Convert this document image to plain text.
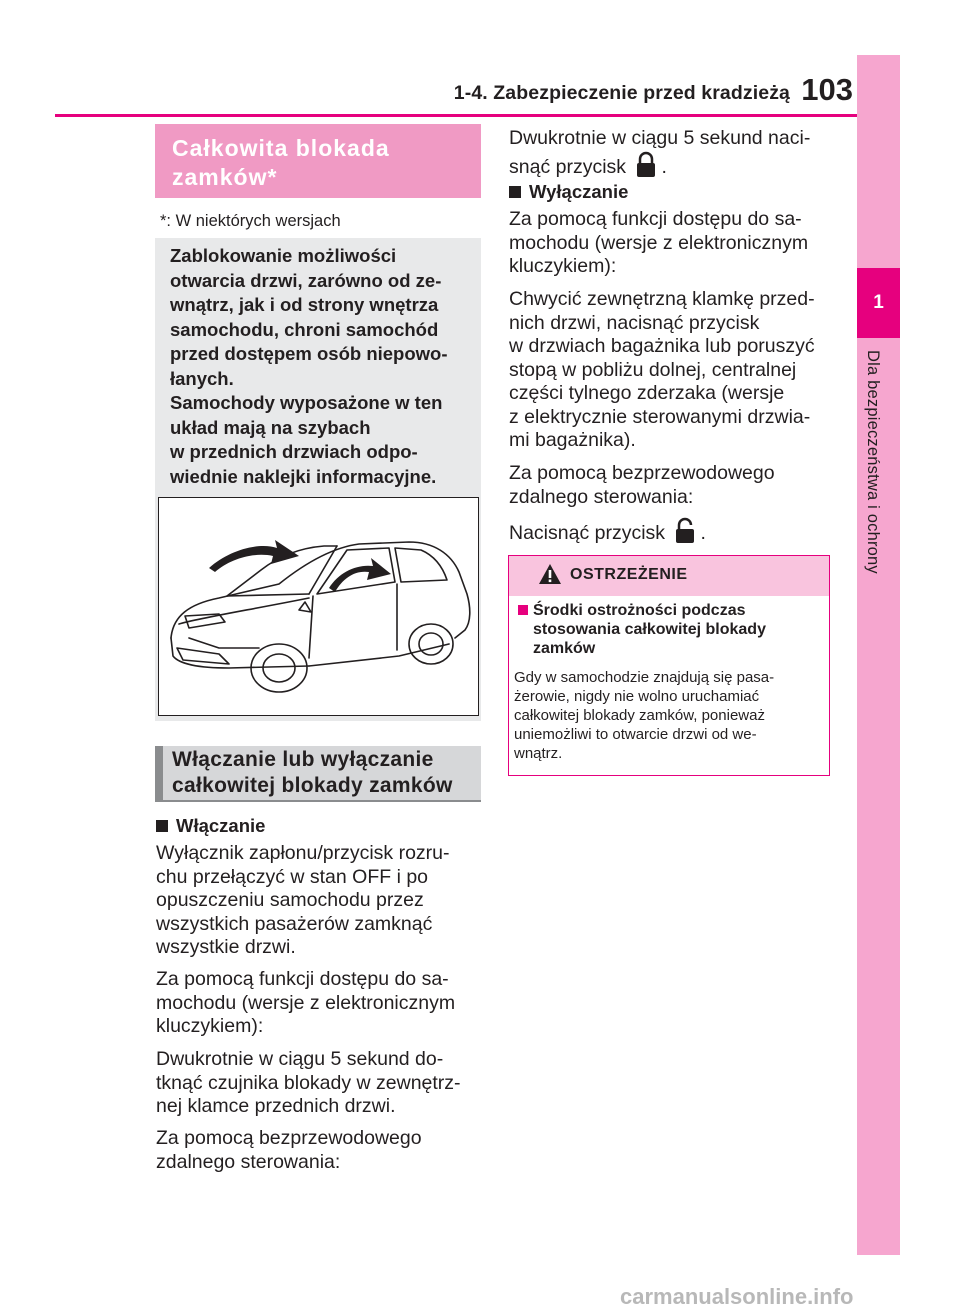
1-4. Zabezpieczenie przed kradzieżą 103
1
Dla bezpieczeństwa i ochrony
Całkowita blokada
zamków*
*: W niektórych wersjach
Zablokowanie możliwości
otwarcia drzwi, zarówno od ze-
wnątrz, jak i od strony wnętrza
samochodu, chroni samochód
przed dostępem osób niepowo-
łanych.
Samochody wyposażone w ten
układ mają na szybach
w przednich drzwiach odpo-
wiednie naklejki informacyjne.
Włączanie lub wyłączanie
całkowitej blokady zamków
Włączanie
Wyłącznik zapłonu/przycisk rozru-
chu przełączyć w stan OFF i po
opuszczeniu samochodu przez
wszystkich pasażerów zamknąć
wszystkie drzwi.
Za pomocą funkcji dostępu do sa-
mochodu (wersje z elektronicznym
kluczykiem):
Dwukrotnie w ciągu 5 sekund do-
tknąć czujnika blokady w zewnętrz-
nej klamce przednich drzwi.
Za pomocą bezprzewodowego
zdalnego sterowania:
Dwukrotnie w ciągu 5 sekund naci-
snąć przycisk .
Wyłączanie
Za pomocą funkcji dostępu do sa-
mochodu (wersje z elektronicznym
kluczykiem):
Chwycić zewnętrzną klamkę przed-
nich drzwi, nacisnąć przycisk
w drzwiach bagażnika lub poruszyć
stopą w pobliżu dolnej, centralnej
części tylnego zderzaka (wersje
z elektrycznie sterowanymi drzwia-
mi bagażnika).
Za pomocą bezprzewodowego
zdalnego sterowania:
Nacisnąć przycisk .
OSTRZEŻENIE
Środki ostrożności podczas
stosowania całkowitej blokady
zamków
Gdy w samochodzie znajdują się pasa-
żerowie, nigdy nie wolno uruchamiać
całkowitej blokady zamków, ponieważ
uniemożliwi to otwarcie drzwi od we-
wnątrz.
carmanualsonline.info
